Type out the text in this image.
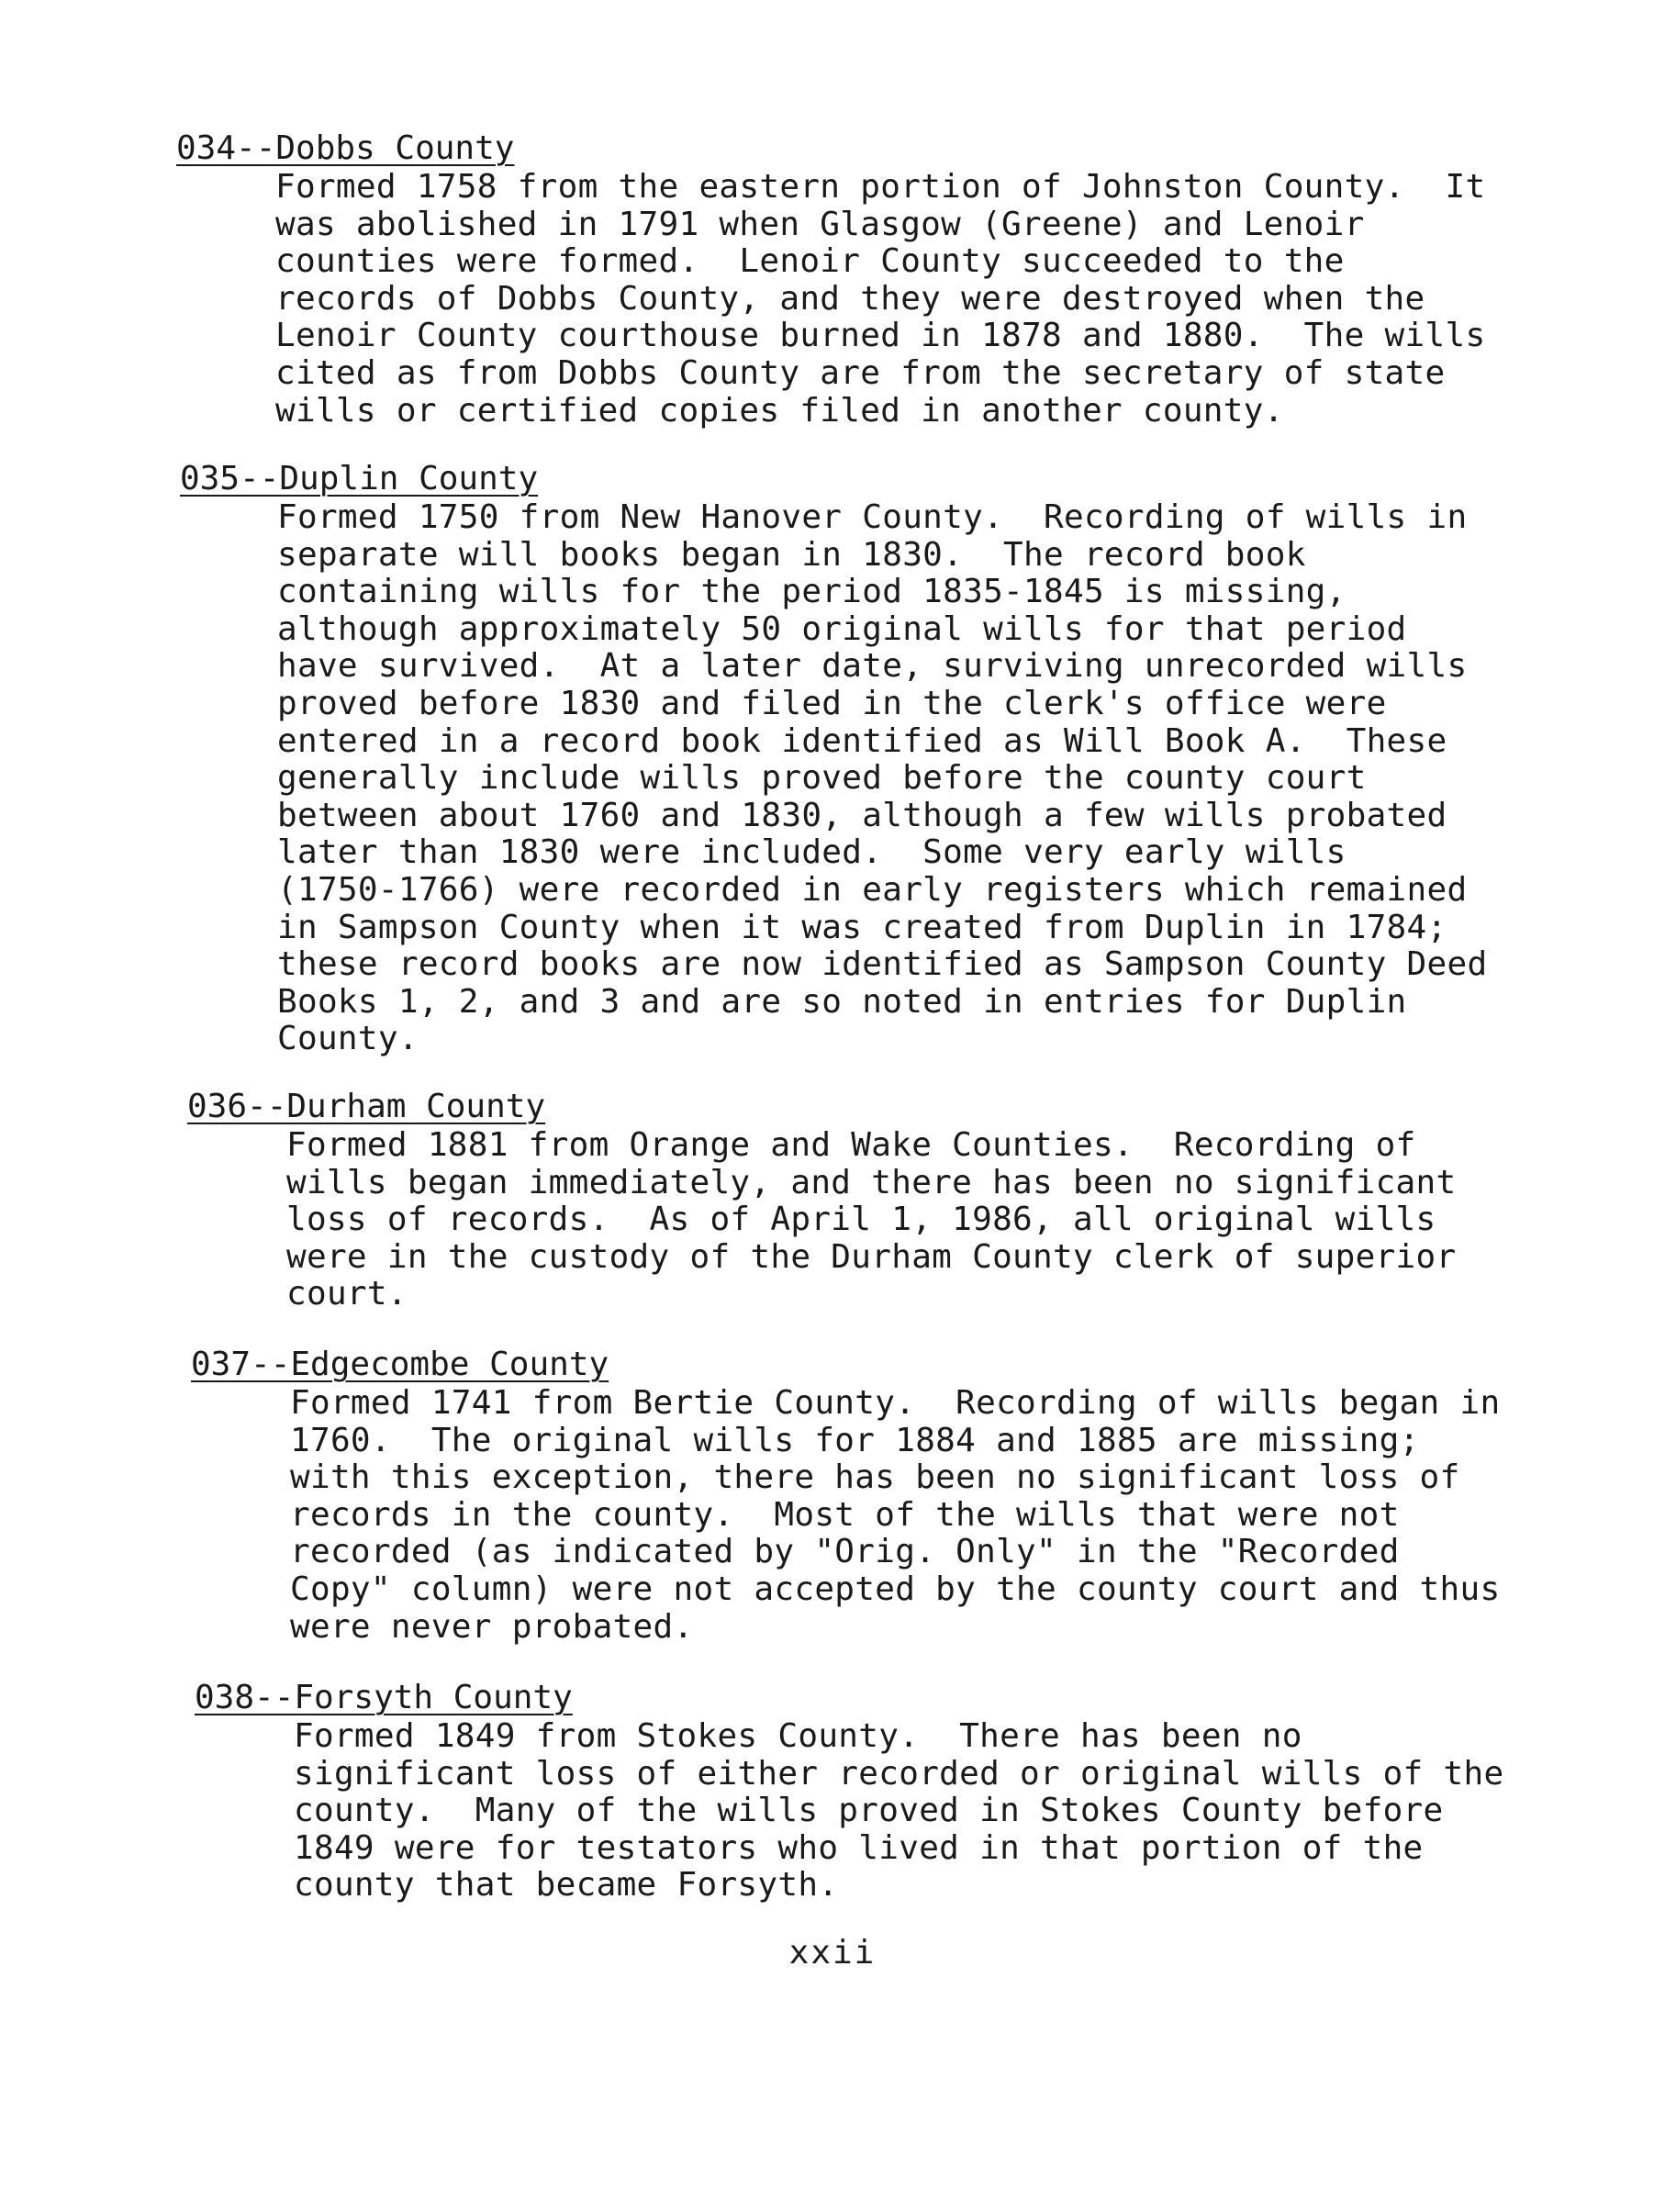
034--Dobbs County
Formed 1758 from the eastern portion of Johnston County.  It
was abolished in 1791 when Glasgow (Greene) and Lenoir
counties were formed.  Lenoir County succeeded to the
records of Dobbs County, and they were destroyed when the
Lenoir County courthouse burned in 1878 and 1880.  The wills
cited as from Dobbs County are from the secretary of state
wills or certified copies filed in another county.
035--Duplin County
Formed 1750 from New Hanover County.  Recording of wills in
separate will books began in 1830.  The record book
containing wills for the period 1835-1845 is missing,
although approximately 50 original wills for that period
have survived.  At a later date, surviving unrecorded wills
proved before 1830 and filed in the clerk's office were
entered in a record book identified as Will Book A.  These
generally include wills proved before the county court
between about 1760 and 1830, although a few wills probated
later than 1830 were included.  Some very early wills
(1750-1766) were recorded in early registers which remained
in Sampson County when it was created from Duplin in 1784;
these record books are now identified as Sampson County Deed
Books 1, 2, and 3 and are so noted in entries for Duplin
County.
036--Durham County
Formed 1881 from Orange and Wake Counties.  Recording of
wills began immediately, and there has been no significant
loss of records.  As of April 1, 1986, all original wills
were in the custody of the Durham County clerk of superior
court.
037--Edgecombe County
Formed 1741 from Bertie County.  Recording of wills began in
1760.  The original wills for 1884 and 1885 are missing;
with this exception, there has been no significant loss of
records in the county.  Most of the wills that were not
recorded (as indicated by "Orig. Only" in the "Recorded
Copy" column) were not accepted by the county court and thus
were never probated.
038--Forsyth County
Formed 1849 from Stokes County.  There has been no
significant loss of either recorded or original wills of the
county.  Many of the wills proved in Stokes County before
1849 were for testators who lived in that portion of the
county that became Forsyth.
xxii
